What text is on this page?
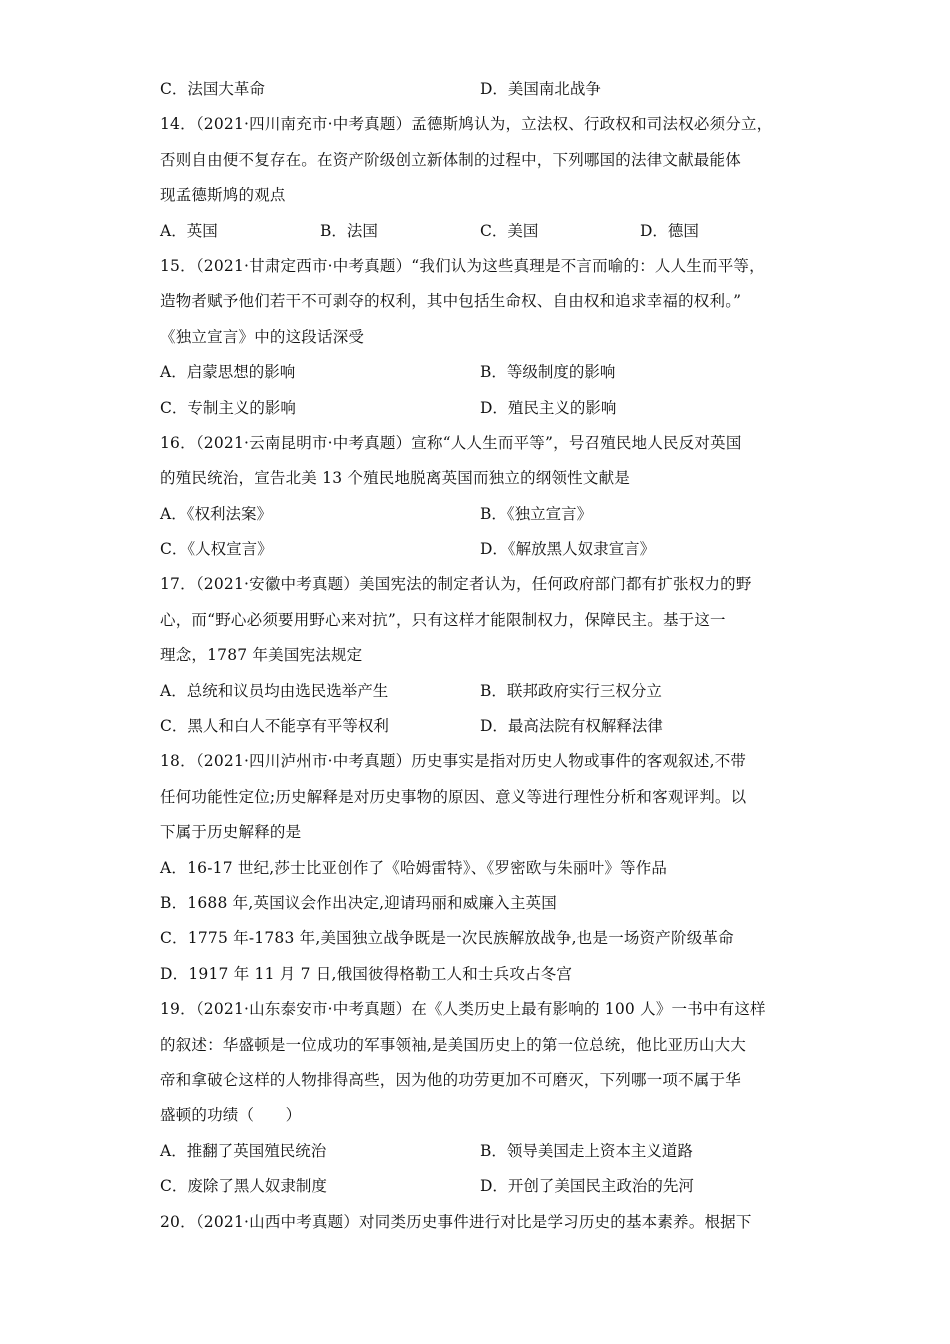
C．法国大革命	D．美国南北战争
14．（2021·四川南充市·中考真题）孟德斯鸠认为，立法权、行政权和司法权必须分立，
否则自由便不复存在。在资产阶级创立新体制的过程中，下列哪国的法律文献最能体
现孟德斯鸠的观点
A．英国	B．法国	C．美国	D．德国
15．（2021·甘肃定西市·中考真题）“我们认为这些真理是不言而喻的：人人生而平等，
造物者赋予他们若干不可剥夺的权利，其中包括生命权、自由权和追求幸福的权利。”
《独立宣言》中的这段话深受
A．启蒙思想的影响	B．等级制度的影响
C．专制主义的影响	D．殖民主义的影响
16．（2021·云南昆明市·中考真题）宣称“人人生而平等”，号召殖民地人民反对英国
的殖民统治，宣告北美 13 个殖民地脱离英国而独立的纲领性文献是
A．《权利法案》	B．《独立宣言》
C．《人权宣言》	D．《解放黑人奴隶宣言》
17．（2021·安徽中考真题）美国宪法的制定者认为，任何政府部门都有扩张权力的野
心，而“野心必须要用野心来对抗”，只有这样才能限制权力，保障民主。基于这一
理念，1787 年美国宪法规定
A．总统和议员均由选民选举产生	B．联邦政府实行三权分立
C．黑人和白人不能享有平等权利	D．最高法院有权解释法律
18．（2021·四川泸州市·中考真题）历史事实是指对历史人物或事件的客观叙述,不带
任何功能性定位;历史解释是对历史事物的原因、意义等进行理性分析和客观评判。以
下属于历史解释的是
A．16-17 世纪,莎士比亚创作了《哈姆雷特》、《罗密欧与朱丽叶》等作品
B．1688 年,英国议会作出决定,迎请玛丽和威廉入主英国
C．1775 年-1783 年,美国独立战争既是一次民族解放战争,也是一场资产阶级革命
D．1917 年 11 月 7 日,俄国彼得格勒工人和士兵攻占冬宫
19．（2021·山东泰安市·中考真题）在《人类历史上最有影响的 100 人》一书中有这样
的叙述：华盛顿是一位成功的军事领袖,是美国历史上的第一位总统，他比亚历山大大
帝和拿破仑这样的人物排得高些，因为他的功劳更加不可磨灭，下列哪一项不属于华
盛顿的功绩（　　）
A．推翻了英国殖民统治	B．领导美国走上资本主义道路
C．废除了黑人奴隶制度	D．开创了美国民主政治的先河
20．（2021·山西中考真题）对同类历史事件进行对比是学习历史的基本素养。根据下
